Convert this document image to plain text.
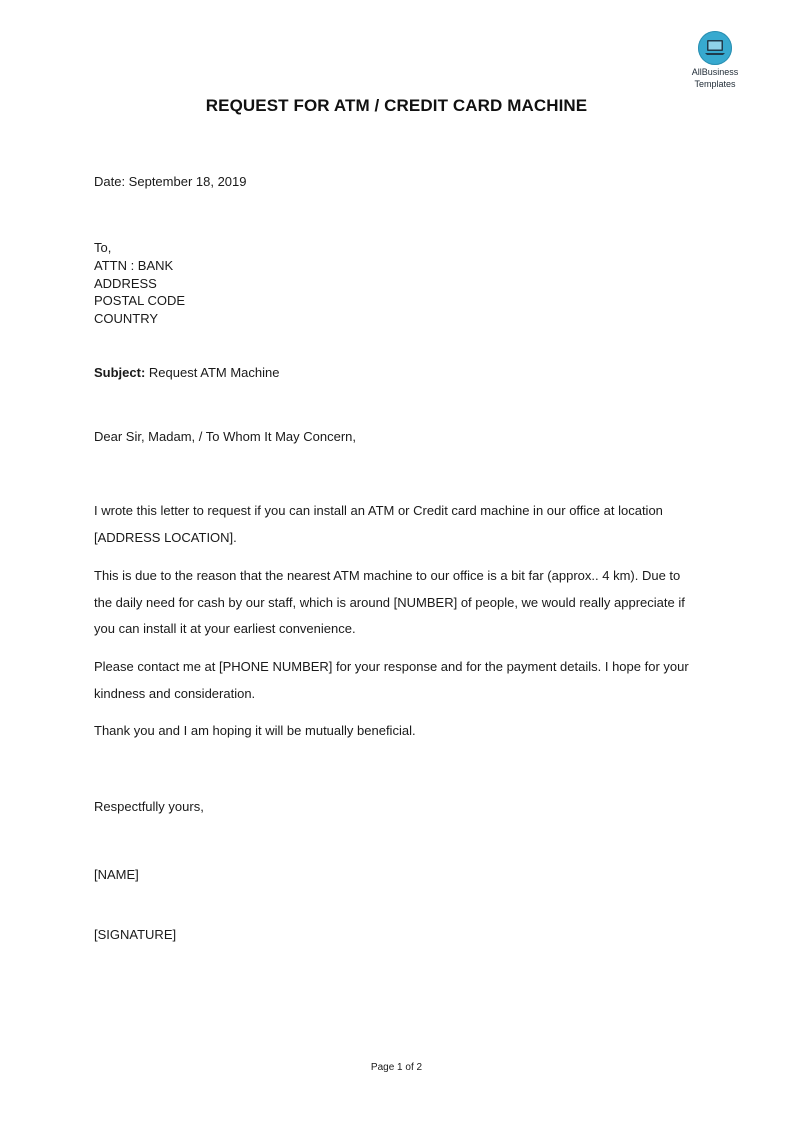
AllBusiness
Templates
REQUEST FOR ATM / CREDIT CARD MACHINE
Date: September 18, 2019
To,
ATTN : BANK
ADDRESS
POSTAL CODE
COUNTRY
Subject: Request ATM Machine
Dear Sir, Madam, / To Whom It May Concern,
I wrote this letter to request if you can install an ATM or Credit card machine in our office at location [ADDRESS LOCATION].
This is due to the reason that the nearest ATM machine to our office is a bit far (approx.. 4 km). Due to the daily need for cash by our staff, which is around [NUMBER] of people, we would really appreciate if you can install it at your earliest convenience.
Please contact me at [PHONE NUMBER] for your response and for the payment details. I hope for your kindness and consideration.
Thank you and I am hoping it will be mutually beneficial.
Respectfully yours,
[NAME]
[SIGNATURE]
Page 1 of 2
